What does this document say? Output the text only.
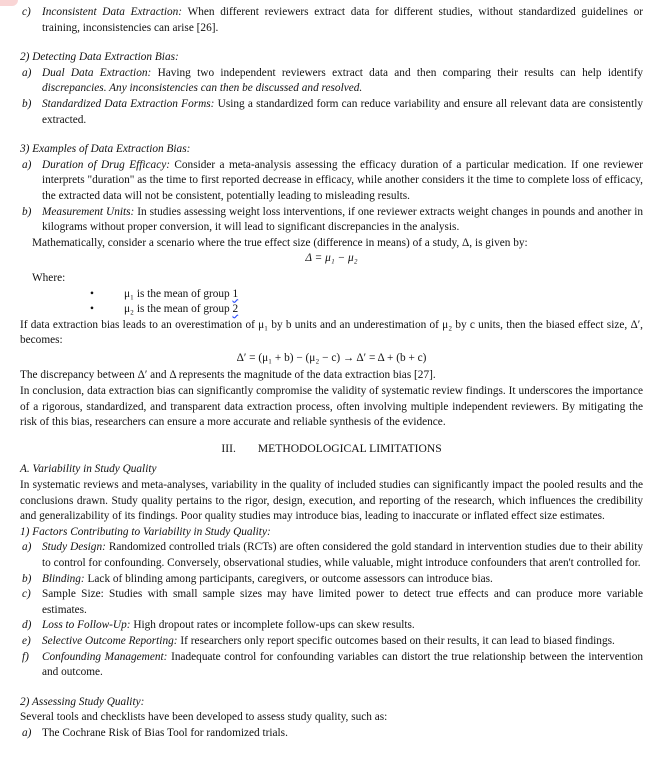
c) Inconsistent Data Extraction: When different reviewers extract data for different studies, without standardized guidelines or training, inconsistencies can arise [26].

2) Detecting Data Extraction Bias:

a) Dual Data Extraction: Having two independent reviewers extract data and then comparing their results can help identify discrepancies. Any inconsistencies can then be discussed and resolved.

b) Standardized Data Extraction Forms: Using a standardized form can reduce variability and ensure all relevant data are consistently extracted.

3) Examples of Data Extraction Bias:

a) Duration of Drug Efficacy: Consider a meta-analysis assessing the efficacy duration of a particular medication. If one reviewer interprets "duration" as the time to first reported decrease in efficacy, while another considers it the time to complete loss of efficacy, the extracted data will not be consistent, potentially leading to misleading results.

b) Measurement Units: In studies assessing weight loss interventions, if one reviewer extracts weight changes in pounds and another in kilograms without proper conversion, it will lead to significant discrepancies in the analysis.

Mathematically, consider a scenario where the true effect size (difference in means) of a study, Δ, is given by:

Δ = μ₁ − μ₂

Where:

•	μ₁ is the mean of group 1

•	μ₂ is the mean of group 2

If data extraction bias leads to an overestimation of μ₁ by b units and an underestimation of μ₂ by c units, then the biased effect size, Δ′, becomes:

Δ′ = (μ₁ + b) − (μ₂ − c) → Δ′ = Δ + (b + c)

The discrepancy between Δ′ and Δ represents the magnitude of the data extraction bias [27].

In conclusion, data extraction bias can significantly compromise the validity of systematic review findings. It underscores the importance of a rigorous, standardized, and transparent data extraction process, often involving multiple independent reviewers. By mitigating the risk of this bias, researchers can ensure a more accurate and reliable synthesis of the evidence.

III. METHODOLOGICAL LIMITATIONS

A. Variability in Study Quality

In systematic reviews and meta-analyses, variability in the quality of included studies can significantly impact the pooled results and the conclusions drawn. Study quality pertains to the rigor, design, execution, and reporting of the research, which influences the credibility and generalizability of its findings. Poor quality studies may introduce bias, leading to inaccurate or inflated effect size estimates.

1) Factors Contributing to Variability in Study Quality:

a) Study Design: Randomized controlled trials (RCTs) are often considered the gold standard in intervention studies due to their ability to control for confounding. Conversely, observational studies, while valuable, might introduce confounders that aren't controlled for.

b) Blinding: Lack of blinding among participants, caregivers, or outcome assessors can introduce bias.

c) Sample Size: Studies with small sample sizes may have limited power to detect true effects and can produce more variable estimates.

d) Loss to Follow-Up: High dropout rates or incomplete follow-ups can skew results.

e) Selective Outcome Reporting: If researchers only report specific outcomes based on their results, it can lead to biased findings.

f) Confounding Management: Inadequate control for confounding variables can distort the true relationship between the intervention and outcome.

2) Assessing Study Quality:

Several tools and checklists have been developed to assess study quality, such as:

a) The Cochrane Risk of Bias Tool for randomized trials.
